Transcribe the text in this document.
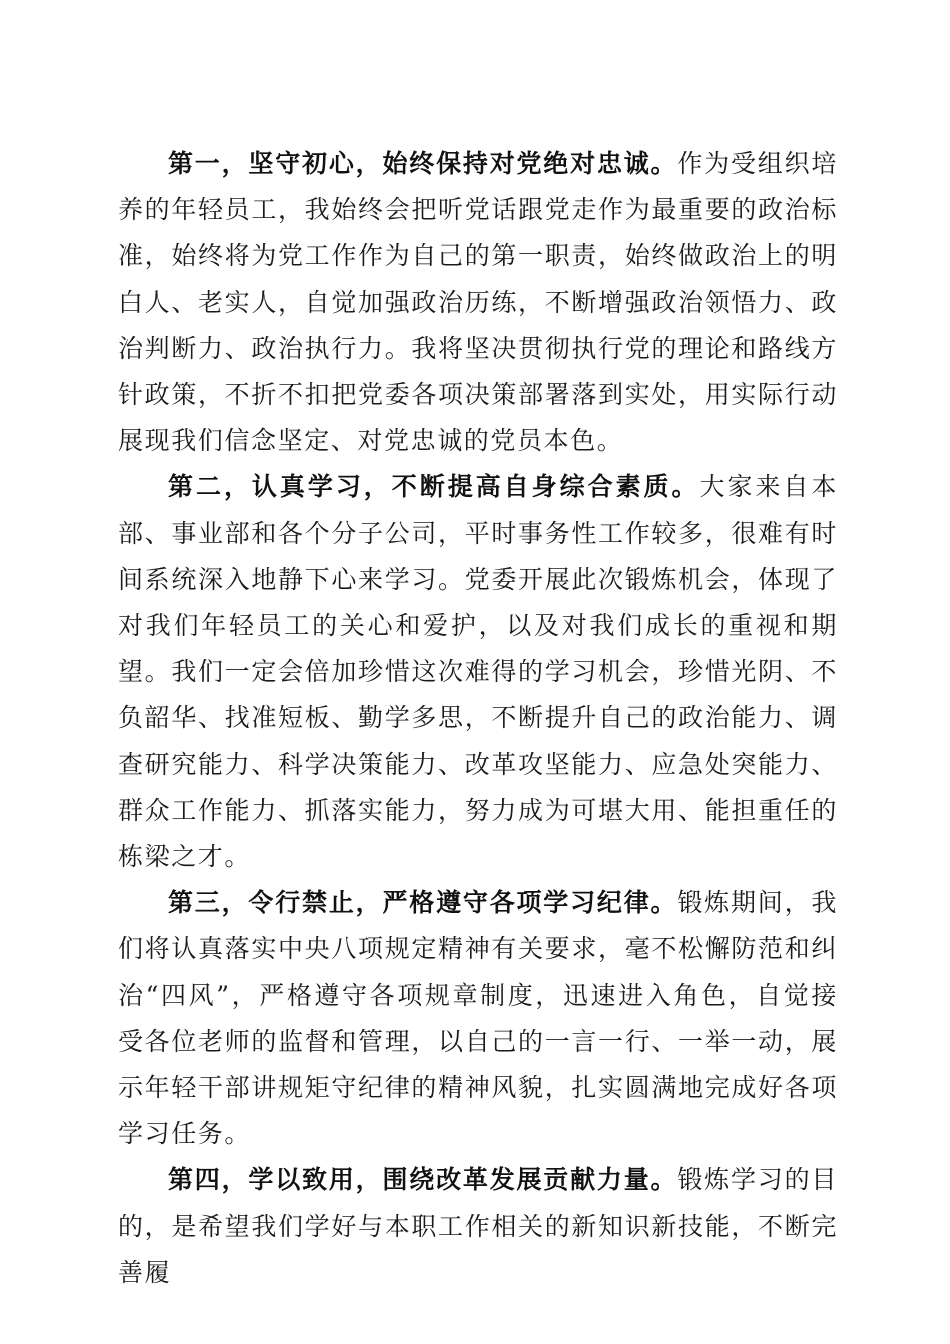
第一，坚守初心，始终保持对党绝对忠诚。作为受组织培养的年轻员工，我始终会把听党话跟党走作为最重要的政治标准，始终将为党工作作为自己的第一职责，始终做政治上的明白人、老实人，自觉加强政治历练，不断增强政治领悟力、政治判断力、政治执行力。我将坚决贯彻执行党的理论和路线方针政策，不折不扣把党委各项决策部署落到实处，用实际行动展现我们信念坚定、对党忠诚的党员本色。

第二，认真学习，不断提高自身综合素质。大家来自本部、事业部和各个分子公司，平时事务性工作较多，很难有时间系统深入地静下心来学习。党委开展此次锻炼机会，体现了对我们年轻员工的关心和爱护，以及对我们成长的重视和期望。我们一定会倍加珍惜这次难得的学习机会，珍惜光阴、不负韶华、找准短板、勤学多思，不断提升自己的政治能力、调查研究能力、科学决策能力、改革攻坚能力、应急处突能力、群众工作能力、抓落实能力，努力成为可堪大用、能担重任的栋梁之才。

第三，令行禁止，严格遵守各项学习纪律。锻炼期间，我们将认真落实中央八项规定精神有关要求，毫不松懈防范和纠治“四风”，严格遵守各项规章制度，迅速进入角色，自觉接受各位老师的监督和管理，以自己的一言一行、一举一动，展示年轻干部讲规矩守纪律的精神风貌，扎实圆满地完成好各项学习任务。

第四，学以致用，围绕改革发展贡献力量。锻炼学习的目的，是希望我们学好与本职工作相关的新知识新技能，不断完善履
